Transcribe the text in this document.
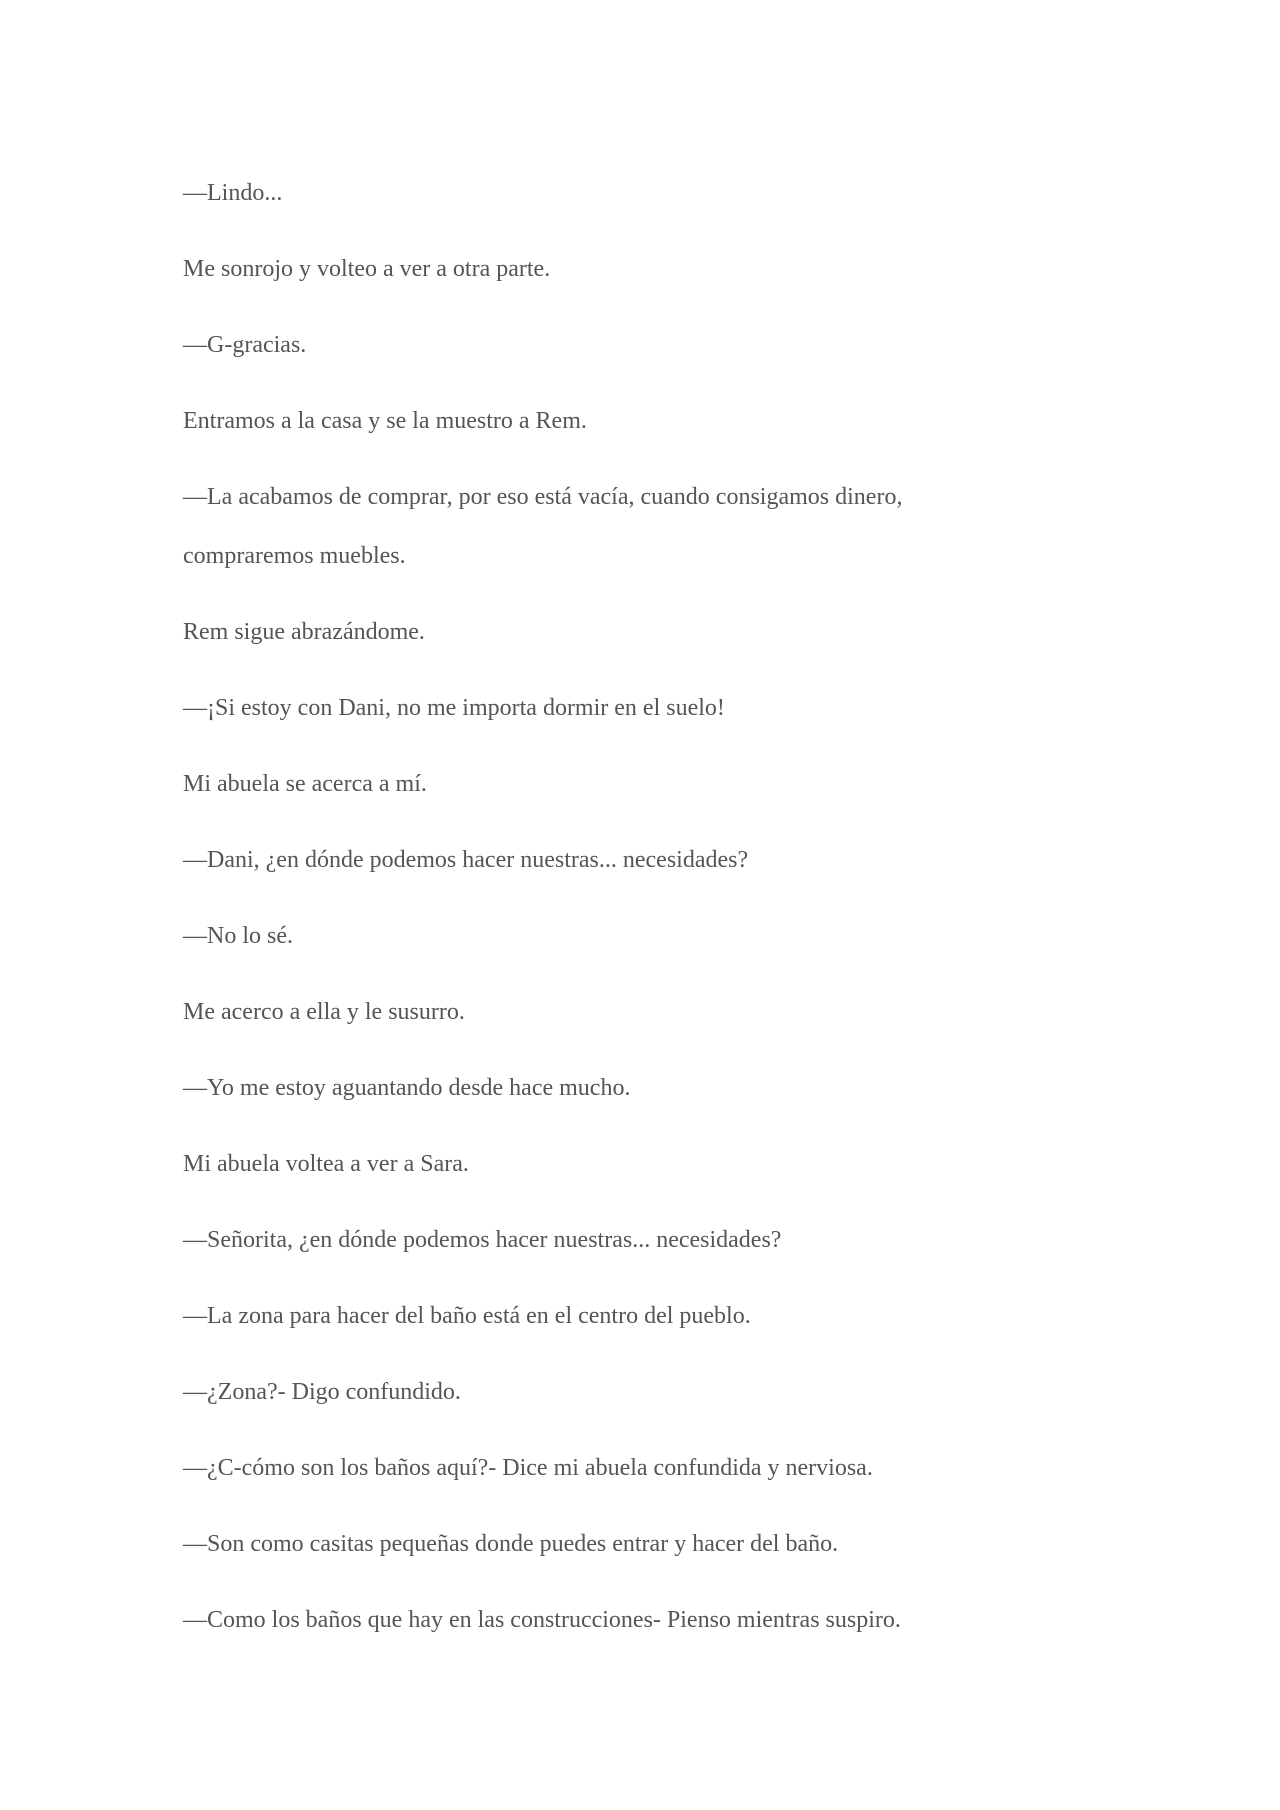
—Lindo...
Me sonrojo y volteo a ver a otra parte.
—G-gracias.
Entramos a la casa y se la muestro a Rem.
—La acabamos de comprar, por eso está vacía, cuando consigamos dinero,
compraremos muebles.
Rem sigue abrazándome.
—¡Si estoy con Dani, no me importa dormir en el suelo!
Mi abuela se acerca a mí.
—Dani, ¿en dónde podemos hacer nuestras... necesidades?
—No lo sé.
Me acerco a ella y le susurro.
—Yo me estoy aguantando desde hace mucho.
Mi abuela voltea a ver a Sara.
—Señorita, ¿en dónde podemos hacer nuestras... necesidades?
—La zona para hacer del baño está en el centro del pueblo.
—¿Zona?- Digo confundido.
—¿C-cómo son los baños aquí?- Dice mi abuela confundida y nerviosa.
—Son como casitas pequeñas donde puedes entrar y hacer del baño.
—Como los baños que hay en las construcciones- Pienso mientras suspiro.
